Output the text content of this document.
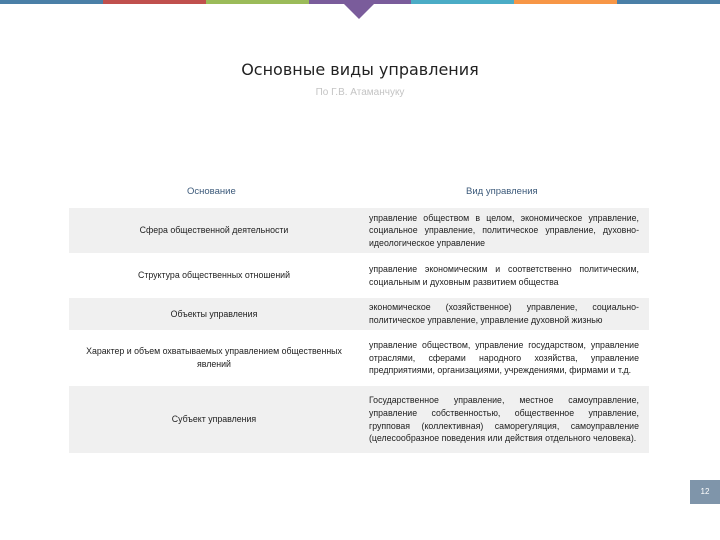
Основные виды управления
По Г.В. Атаманчуку
Основание	Вид управления
Сфера общественной деятельности	управление обществом в целом, экономическое управление, социальное управление, политическое управление, духовно-идеологическое управление
Структура общественных отношений	управление экономическим и соответственно политическим, социальным и духовным развитием общества
Объекты управления	экономическое (хозяйственное) управление, социально-политическое управление, управление духовной жизнью
Характер и объем охватываемых управлением общественных явлений	управление обществом, управление государством, управление отраслями, сферами народного хозяйства, управление предприятиями, организациями, учреждениями, фирмами и т.д.
Субъект управления	Государственное управление, местное самоуправление, управление собственностью, общественное управление, групповая (коллективная) саморегуляция, самоуправление (целесообразное поведения или действия отдельного человека).
12
